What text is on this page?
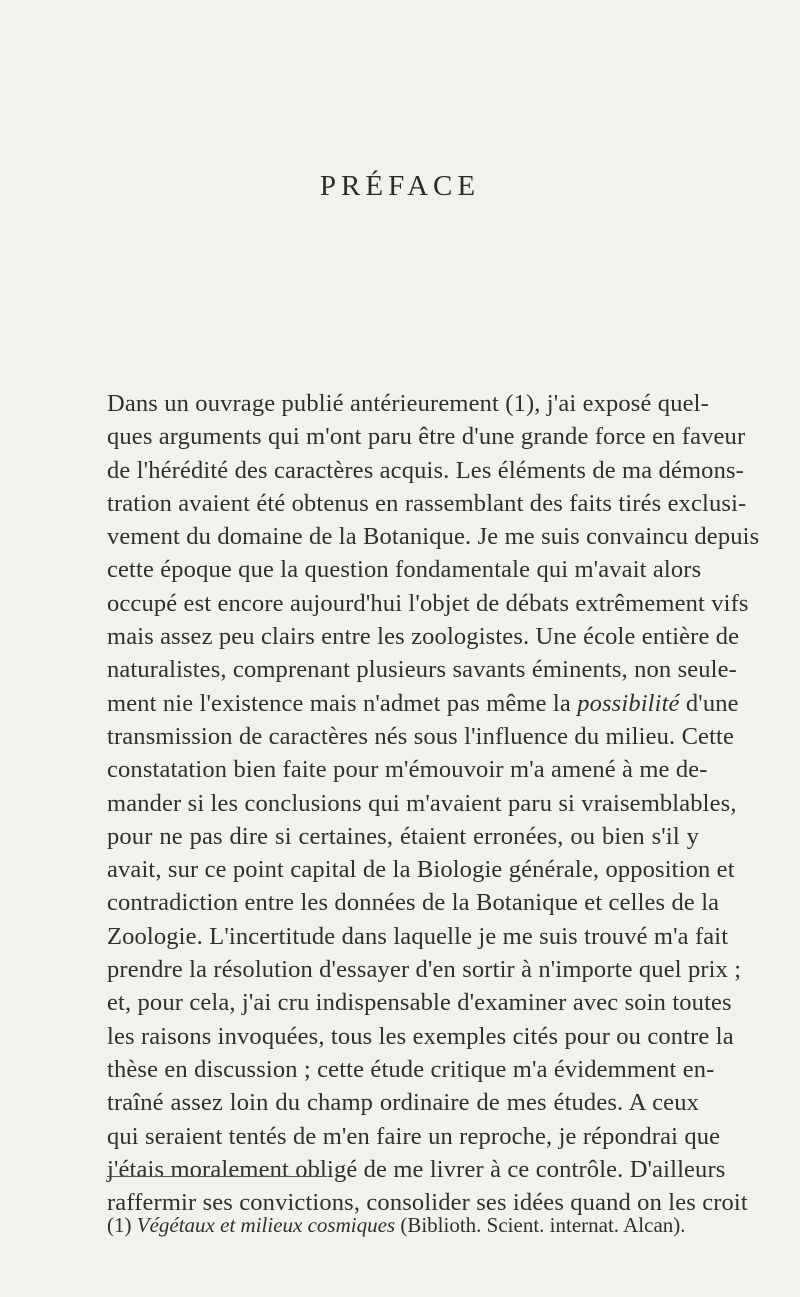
PRÉFACE
Dans un ouvrage publié antérieurement (1), j'ai exposé quel-
ques arguments qui m'ont paru être d'une grande force en faveur
de l'hérédité des caractères acquis. Les éléments de ma démons-
tration avaient été obtenus en rassemblant des faits tirés exclusi-
vement du domaine de la Botanique. Je me suis convaincu depuis
cette époque que la question fondamentale qui m'avait alors
occupé est encore aujourd'hui l'objet de débats extrêmement vifs
mais assez peu clairs entre les zoologistes. Une école entière de
naturalistes, comprenant plusieurs savants éminents, non seule-
ment nie l'existence mais n'admet pas même la possibilité d'une
transmission de caractères nés sous l'influence du milieu. Cette
constatation bien faite pour m'émouvoir m'a amené à me de-
mander si les conclusions qui m'avaient paru si vraisemblables,
pour ne pas dire si certaines, étaient erronées, ou bien s'il y
avait, sur ce point capital de la Biologie générale, opposition et
contradiction entre les données de la Botanique et celles de la
Zoologie. L'incertitude dans laquelle je me suis trouvé m'a fait
prendre la résolution d'essayer d'en sortir à n'importe quel prix ;
et, pour cela, j'ai cru indispensable d'examiner avec soin toutes
les raisons invoquées, tous les exemples cités pour ou contre la
thèse en discussion ; cette étude critique m'a évidemment en-
traîné assez loin du champ ordinaire de mes études. A ceux
qui seraient tentés de m'en faire un reproche, je répondrai que
j'étais moralement obligé de me livrer à ce contrôle. D'ailleurs
raffermir ses convictions, consolider ses idées quand on les croit
(1) Végétaux et milieux cosmiques (Biblioth. Scient. internat. Alcan).
